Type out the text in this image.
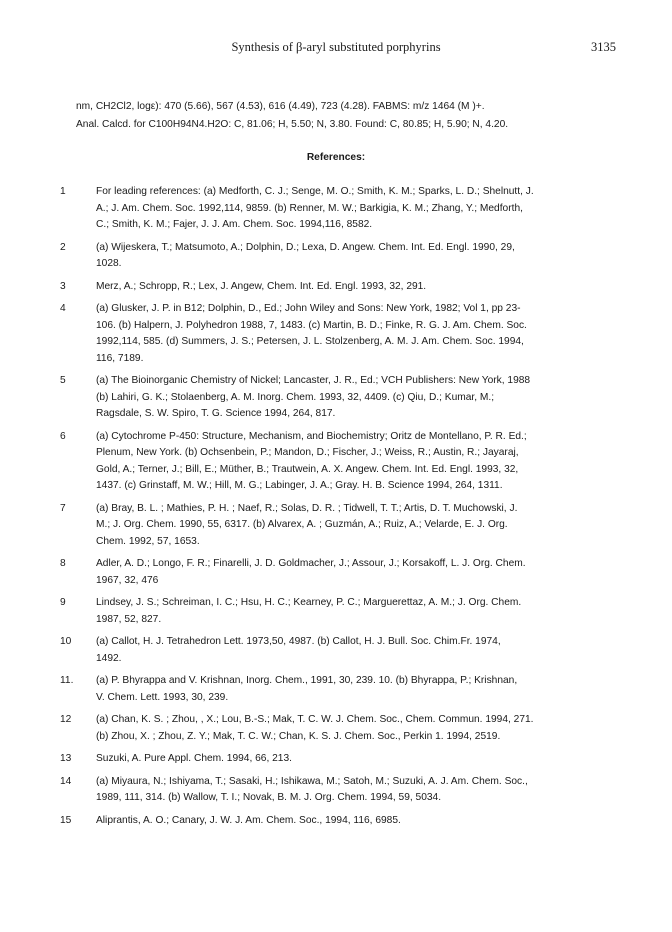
Synthesis of β-aryl substituted porphyrins	3135
nm, CH2Cl2, logε): 470 (5.66), 567 (4.53), 616 (4.49), 723 (4.28). FABMS: m/z 1464 (M )+.
Anal. Calcd. for C100H94N4.H2O: C, 81.06; H, 5.50; N, 3.80. Found: C, 80.85; H, 5.90; N, 4.20.
References:
1	For leading references: (a) Medforth, C. J.; Senge, M. O.; Smith, K. M.; Sparks, L. D.; Shelnutt, J.
A.; J. Am. Chem. Soc. 1992,114, 9859. (b) Renner, M. W.; Barkigia, K. M.; Zhang, Y.; Medforth,
C.; Smith, K. M.; Fajer, J. J. Am. Chem. Soc. 1994,116, 8582.
2	(a) Wijeskera, T.; Matsumoto, A.; Dolphin, D.; Lexa, D. Angew. Chem. Int. Ed. Engl. 1990, 29,
1028.
3	Merz, A.; Schropp, R.; Lex, J. Angew, Chem. Int. Ed. Engl. 1993, 32, 291.
4	(a) Glusker, J. P. in B12; Dolphin, D., Ed.; John Wiley and Sons: New York, 1982; Vol 1, pp 23-
106. (b) Halpern, J. Polyhedron 1988, 7, 1483. (c) Martin, B. D.; Finke, R. G. J. Am. Chem. Soc.
1992,114, 585. (d) Summers, J. S.; Petersen, J. L. Stolzenberg, A. M. J. Am. Chem. Soc. 1994,
116, 7189.
5	(a) The Bioinorganic Chemistry of Nickel; Lancaster, J. R., Ed.; VCH Publishers: New York, 1988
(b) Lahiri, G. K.; Stolaenberg, A. M. Inorg. Chem. 1993, 32, 4409. (c) Qiu, D.; Kumar, M.;
Ragsdale, S. W. Spiro, T. G. Science 1994, 264, 817.
6	(a) Cytochrome P-450: Structure, Mechanism, and Biochemistry; Oritz de Montellano, P. R. Ed.;
Plenum, New York. (b) Ochsenbein, P.; Mandon, D.; Fischer, J.; Weiss, R.; Austin, R.; Jayaraj,
Gold, A.; Terner, J.; Bill, E.; Müther, B.; Trautwein, A. X. Angew. Chem. Int. Ed. Engl. 1993, 32,
1437. (c) Grinstaff, M. W.; Hill, M. G.; Labinger, J. A.; Gray. H. B. Science 1994, 264, 1311.
7	(a) Bray, B. L. ; Mathies, P. H. ; Naef, R.; Solas, D. R. ; Tidwell, T. T.; Artis, D. T. Muchowski, J.
M.; J. Org. Chem. 1990, 55, 6317. (b) Alvarex, A. ; Guzmán, A.; Ruiz, A.; Velarde, E. J. Org.
Chem. 1992, 57, 1653.
8	Adler, A. D.; Longo, F. R.; Finarelli, J. D. Goldmacher, J.; Assour, J.; Korsakoff, L. J. Org. Chem.
1967, 32, 476
9	Lindsey, J. S.; Schreiman, I. C.; Hsu, H. C.; Kearney, P. C.; Marguerettaz, A. M.; J. Org. Chem.
1987, 52, 827.
10	(a) Callot, H. J. Tetrahedron Lett. 1973,50, 4987. (b) Callot, H. J. Bull. Soc. Chim.Fr. 1974,
1492.
11.	(a) P. Bhyrappa and V. Krishnan, Inorg. Chem., 1991, 30, 239. 10. (b) Bhyrappa, P.; Krishnan,
V. Chem. Lett. 1993, 30, 239.
12	(a) Chan, K. S. ; Zhou, , X.; Lou, B.-S.; Mak, T. C. W. J. Chem. Soc., Chem. Commun. 1994, 271.
(b) Zhou, X. ; Zhou, Z. Y.; Mak, T. C. W.; Chan, K. S. J. Chem. Soc., Perkin 1. 1994, 2519.
13	Suzuki, A. Pure Appl. Chem. 1994, 66, 213.
14	(a) Miyaura, N.; Ishiyama, T.; Sasaki, H.; Ishikawa, M.; Satoh, M.; Suzuki, A. J. Am. Chem. Soc.,
1989, 111, 314. (b) Wallow, T. I.; Novak, B. M. J. Org. Chem. 1994, 59, 5034.
15	Aliprantis, A. O.; Canary, J. W. J. Am. Chem. Soc., 1994, 116, 6985.
